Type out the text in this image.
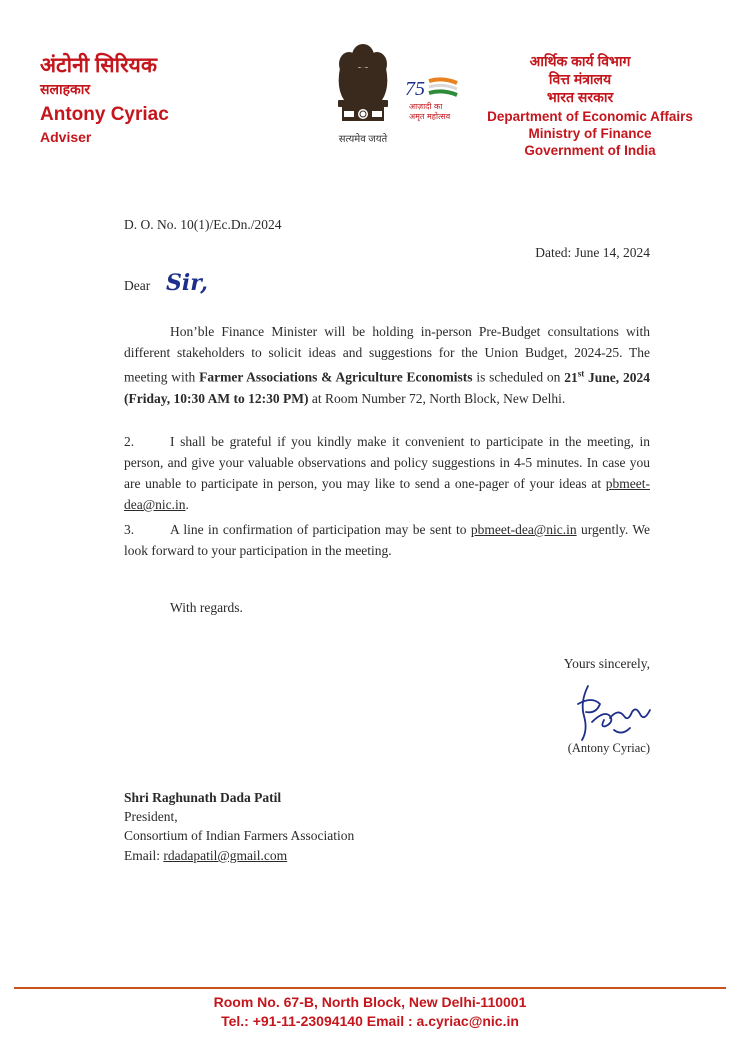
अंटोनी सिरियक
सलाहकार
Antony Cyriac
Adviser	सत्यमेव जयते
75
आज़ादी का
अमृत महोत्सव
आर्थिक कार्य विभाग
वित्त मंत्रालय
भारत सरकार
Department of Economic Affairs
Ministry of Finance
Government of India
D. O. No. 10(1)/Ec.Dn./2024
Dated: June 14, 2024
Dear Sir,
Hon’ble Finance Minister will be holding in-person Pre-Budget consultations with different stakeholders to solicit ideas and suggestions for the Union Budget, 2024-25. The meeting with Farmer Associations & Agriculture Economists is scheduled on 21st June, 2024 (Friday, 10:30 AM to 12:30 PM) at Room Number 72, North Block, New Delhi.
2.	I shall be grateful if you kindly make it convenient to participate in the meeting, in person, and give your valuable observations and policy suggestions in 4-5 minutes. In case you are unable to participate in person, you may like to send a one-pager of your ideas at pbmeet-dea@nic.in.
3.	A line in confirmation of participation may be sent to pbmeet-dea@nic.in urgently. We look forward to your participation in the meeting.
With regards.
Yours sincerely,
(Antony Cyriac)
Shri Raghunath Dada Patil
President,
Consortium of Indian Farmers Association
Email: rdadapatil@gmail.com
Room No. 67-B, North Block, New Delhi-110001
Tel.: +91-11-23094140 Email : a.cyriac@nic.in
